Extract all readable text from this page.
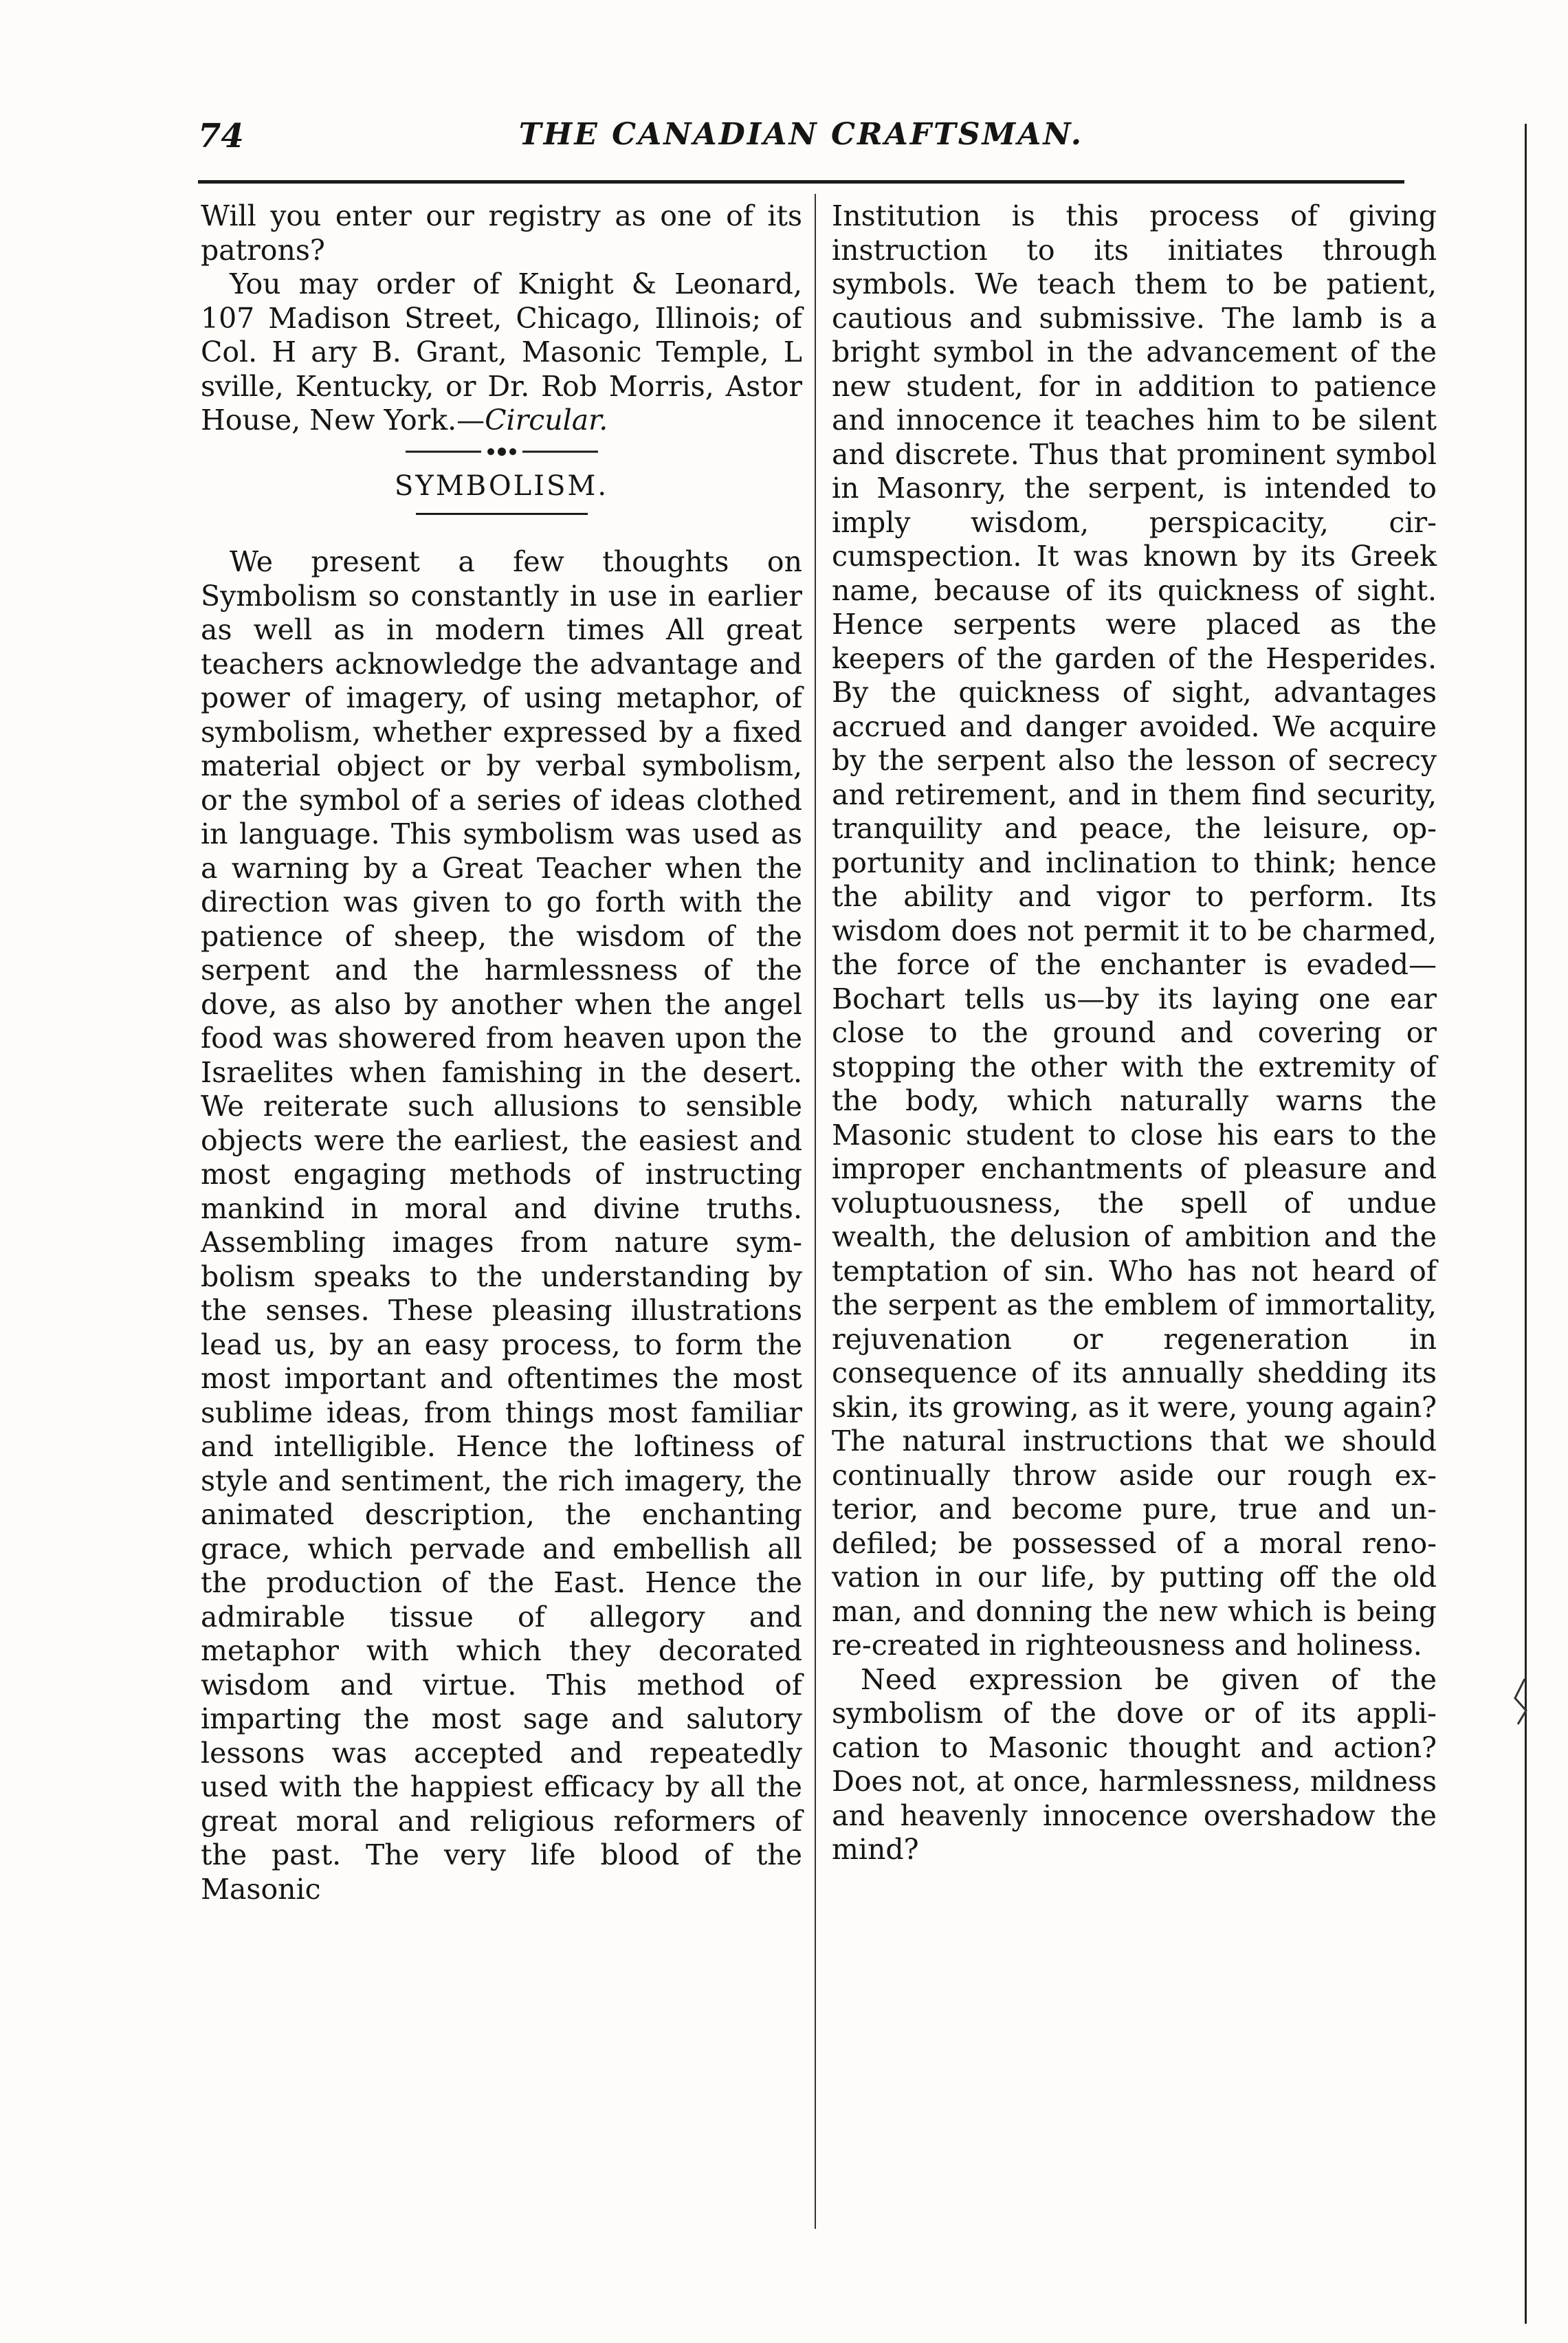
74	THE CANADIAN CRAFTSMAN.

Will you enter our registry as one of its patrons?

You may order of Knight & Leonard, 107 Madison Street, Chicago, Illinois; of Col. H ary B. Grant, Masonic Temple, L sville, Kentucky, or Dr. Rob Morris, Astor House, New York.—Circular.

SYMBOLISM.

We present a few thoughts on Symbolism so constantly in use in earlier as well as in modern times All great teachers acknowledge the advantage and power of imagery, of using metaphor, of symbolism, whether expressed by a fixed material object or by verbal symbolism, or the symbol of a series of ideas clothed in language. This symbolism was used as a warning by a Great Teacher when the direction was given to go forth with the patience of sheep, the wisdom of the serpent and the harmlessness of the dove, as also by another when the angel food was showered from heaven upon the Israelites when famishing in the desert. We reiterate such allusions to sensible objects were the earliest, the easiest and most engaging methods of instructing mankind in moral and divine truths. Assembling images from nature symbolism speaks to the understanding by the senses. These pleasing illustrations lead us, by an easy process, to form the most important and oftentimes the most sublime ideas, from things most familiar and intelligible. Hence the loftiness of style and sentiment, the rich imagery, the animated description, the enchanting grace, which pervade and embellish all the production of the East. Hence the admirable tissue of allegory and metaphor with which they decorated wisdom and virtue. This method of imparting the most sage and salutory lessons was accepted and repeatedly used with the happiest efficacy by all the great moral and religious reformers of the past. The very life blood of the Masonic

Institution is this process of giving instruction to its initiates through symbols. We teach them to be patient, cautious and submissive. The lamb is a bright symbol in the advancement of the new student, for in addition to patience and innocence it teaches him to be silent and discrete. Thus that prominent symbol in Masonry, the serpent, is intended to imply wisdom, perspicacity, circumspection. It was known by its Greek name, because of its quickness of sight. Hence serpents were placed as the keepers of the garden of the Hesperides. By the quickness of sight, advantages accrued and danger avoided. We acquire by the serpent also the lesson of secrecy and retirement, and in them find security, tranquility and peace, the leisure, opportunity and inclination to think; hence the ability and vigor to perform. Its wisdom does not permit it to be charmed, the force of the enchanter is evaded—Bochart tells us—by its laying one ear close to the ground and covering or stopping the other with the extremity of the body, which naturally warns the Masonic student to close his ears to the improper enchantments of pleasure and voluptuousness, the spell of undue wealth, the delusion of ambition and the temptation of sin. Who has not heard of the serpent as the emblem of immortality, rejuvenation or regeneration in consequence of its annually shedding its skin, its growing, as it were, young again? The natural instructions that we should continually throw aside our rough exterior, and become pure, true and undefiled; be possessed of a moral renovation in our life, by putting off the old man, and donning the new which is being re-created in righteousness and holiness.

Need expression be given of the symbolism of the dove or of its application to Masonic thought and action? Does not, at once, harmlessness, mildness and heavenly innocence overshadow the mind?
